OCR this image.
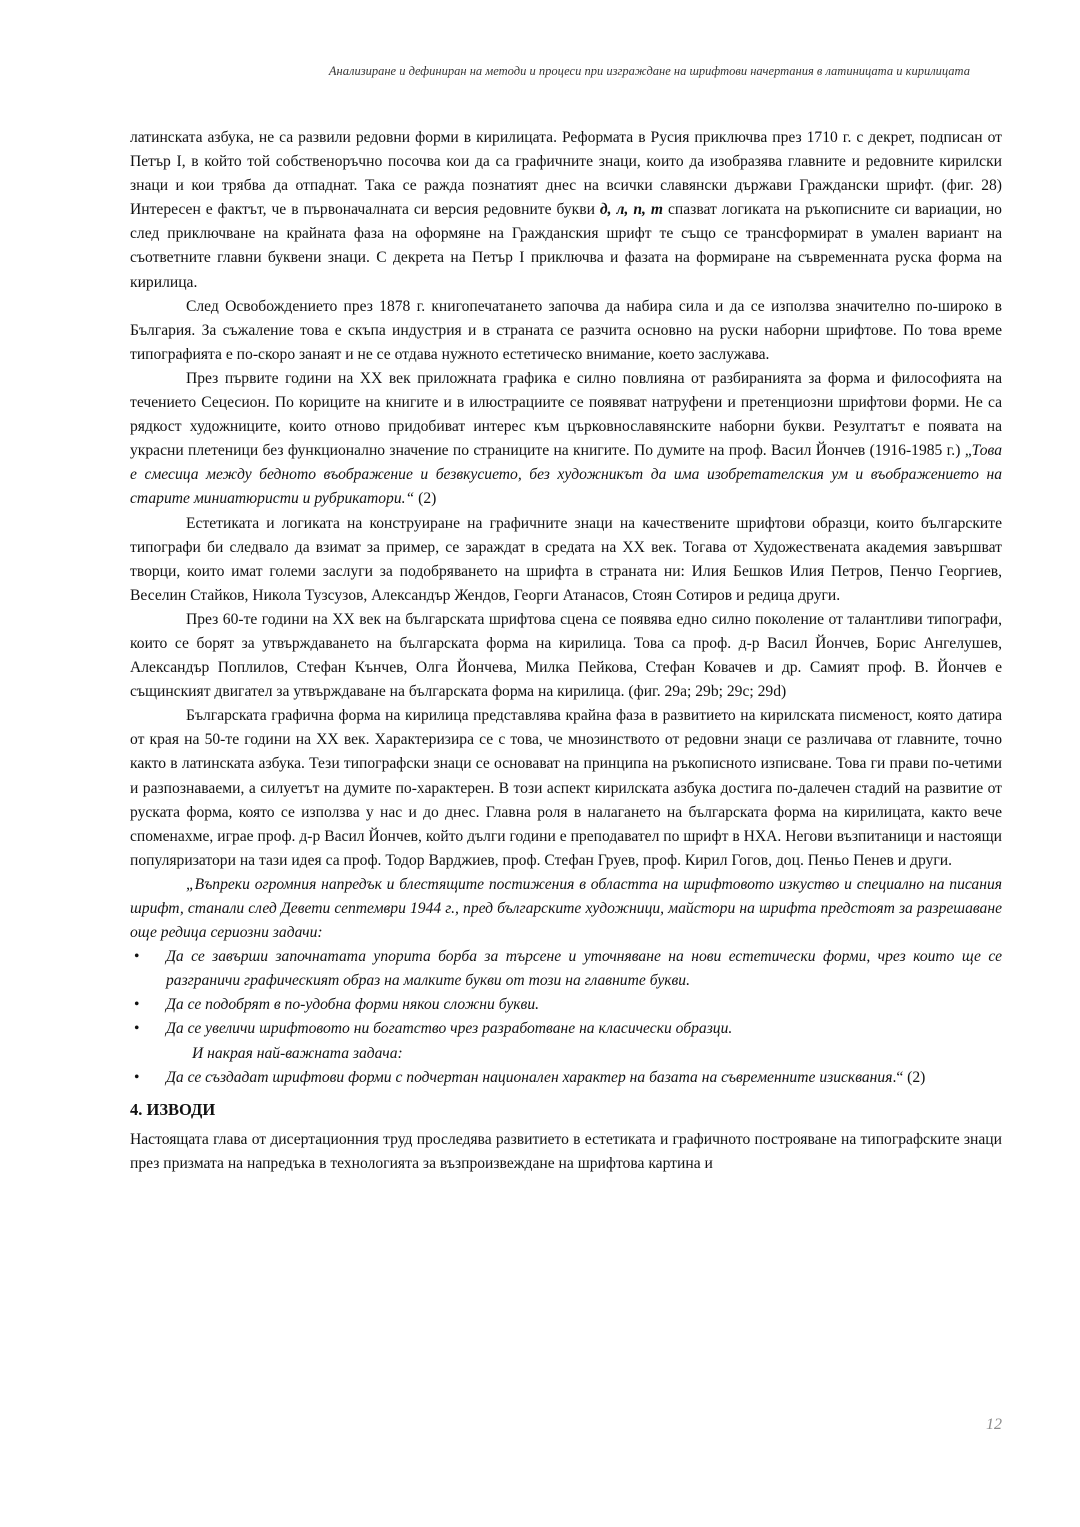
Анализиране и дефиниран на методи и процеси при изграждане на шрифтови начертания в латиницата и кирилицата

латинската азбука, не са развили редовни форми в кирилицата. Реформата в Русия приключва през 1710 г. с декрет, подписан от Петър I, в който той собственоръчно посочва кои да са графичните знаци, които да изобразява главните и редовните кирилски знаци и кои трябва да отпаднат. Така се ражда познатият днес на всички славянски държави Граждански шрифт. (фиг. 28) Интересен е фактът, че в първоначалната си версия редовните букви д, л, п, т спазват логиката на ръкописните си вариации, но след приключване на крайната фаза на оформяне на Гражданския шрифт те също се трансформират в умален вариант на съответните главни буквени знаци. С декрета на Петър I приключва и фазата на формиране на съвременната руска форма на кирилица.

След Освобождението през 1878 г. книгопечатането започва да набира сила и да се използва значително по-широко в България. За съжаление това е скъпа индустрия и в страната се разчита основно на руски наборни шрифтове. По това време типографията е по-скоро занаят и не се отдава нужното естетическо внимание, което заслужава.

През първите години на XX век приложната графика е силно повлияна от разбиранията за форма и философията на течението Сецесион. По кориците на книгите и в илюстрациите се появяват натруфени и претенциозни шрифтови форми. Не са рядкост художниците, които отново придобиват интерес към църковнославянските наборни букви. Резултатът е появата на украсни плетеници без функционално значение по страниците на книгите. По думите на проф. Васил Йончев (1916-1985 г.) „Това е смесица между бедното въображение и безвкусието, без художникът да има изобретателския ум и въображението на старите миниатюристи и рубрикатори.“ (2)

Естетиката и логиката на конструиране на графичните знаци на качествените шрифтови образци, които българските типографи би следвало да взимат за пример, се зараждат в средата на XX век. Тогава от Художествената академия завършват творци, които имат големи заслуги за подобряването на шрифта в страната ни: Илия Бешков Илия Петров, Пенчо Георгиев, Веселин Стайков, Никола Тузсузов, Александър Жендов, Георги Атанасов, Стоян Сотиров и редица други.

През 60-те години на XX век на българската шрифтова сцена се появява едно силно поколение от талантливи типографи, които се борят за утвърждаването на българската форма на кирилица. Това са проф. д-р Васил Йончев, Борис Ангелушев, Александър Поплилов, Стефан Кънчев, Олга Йончева, Милка Пейкова, Стефан Ковачев и др. Самият проф. В. Йончев е същинският двигател за утвърждаване на българската форма на кирилица. (фиг. 29а; 29b; 29c; 29d)

Българската графична форма на кирилица представлява крайна фаза в развитието на кирилската писменост, която датира от края на 50-те години на XX век. Характеризира се с това, че мнозинството от редовни знаци се различава от главните, точно както в латинската азбука. Тези типографски знаци се основават на принципа на ръкописното изписване. Това ги прави по-четими и разпознаваеми, а силуетът на думите по-характерен. В този аспект кирилската азбука достига по-далечен стадий на развитие от руската форма, която се използва у нас и до днес. Главна роля в налагането на българската форма на кирилицата, както вече споменахме, играе проф. д-р Васил Йончев, който дълги години е преподавател по шрифт в НХА. Негови възпитаници и настоящи популяризатори на тази идея са проф. Тодор Варджиев, проф. Стефан Груев, проф. Кирил Гогов, доц. Пеньо Пенев и други.

„Въпреки огромния напредък и блестящите постижения в областта на шрифтовото изкуство и специално на писания шрифт, станали след Девети септември 1944 г., пред българските художници, майстори на шрифта предстоят за разрешаване още редица сериозни задачи:

• Да се завърши започнатата упорита борба за търсене и уточняване на нови естетически форми, чрез които ще се разграничи графическият образ на малките букви от този на главните букви.
• Да се подобрят в по-удобна форми някои сложни букви.
• Да се увеличи шрифтовото ни богатство чрез разработване на класически образци.
И накрая най-важната задача:
• Да се създадат шрифтови форми с подчертан национален характер на базата на съвременните изисквания.“ (2)
4. ИЗВОДИ

Настоящата глава от дисертационния труд проследява развитието в естетиката и графичното построяване на типографските знаци през призмата на напредъка в технологията за възпроизвеждане на шрифтова картина и

12
